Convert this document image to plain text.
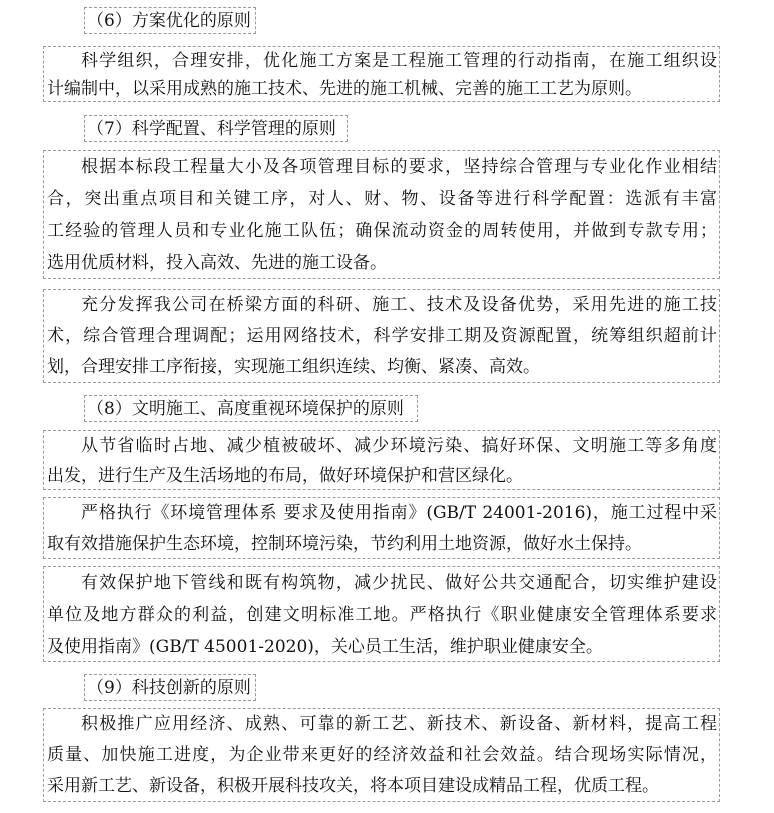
（6）方案优化的原则
科学组织，合理安排，优化施工方案是工程施工管理的行动指南，在施工组织设
计编制中，以采用成熟的施工技术、先进的施工机械、完善的施工工艺为原则。
（7）科学配置、科学管理的原则
根据本标段工程量大小及各项管理目标的要求，坚持综合管理与专业化作业相结
合，突出重点项目和关键工序，对人、财、物、设备等进行科学配置：选派有丰富
工经验的管理人员和专业化施工队伍；确保流动资金的周转使用，并做到专款专用；
选用优质材料，投入高效、先进的施工设备。
充分发挥我公司在桥梁方面的科研、施工、技术及设备优势，采用先进的施工技
术，综合管理合理调配；运用网络技术，科学安排工期及资源配置，统筹组织超前计
划，合理安排工序衔接，实现施工组织连续、均衡、紧凑、高效。
（8）文明施工、高度重视环境保护的原则
从节省临时占地、减少植被破坏、减少环境污染、搞好环保、文明施工等多角度
出发，进行生产及生活场地的布局，做好环境保护和营区绿化。
严格执行《环境管理体系 要求及使用指南》(GB/T 24001-2016)，施工过程中采
取有效措施保护生态环境，控制环境污染，节约利用土地资源，做好水土保持。
有效保护地下管线和既有构筑物，减少扰民、做好公共交通配合，切实维护建设
单位及地方群众的利益，创建文明标准工地。严格执行《职业健康安全管理体系要求
及使用指南》(GB/T 45001-2020)，关心员工生活，维护职业健康安全。
（9）科技创新的原则
积极推广应用经济、成熟、可靠的新工艺、新技术、新设备、新材料，提高工程
质量、加快施工进度，为企业带来更好的经济效益和社会效益。结合现场实际情况，
采用新工艺、新设备，积极开展科技攻关，将本项目建设成精品工程，优质工程。
